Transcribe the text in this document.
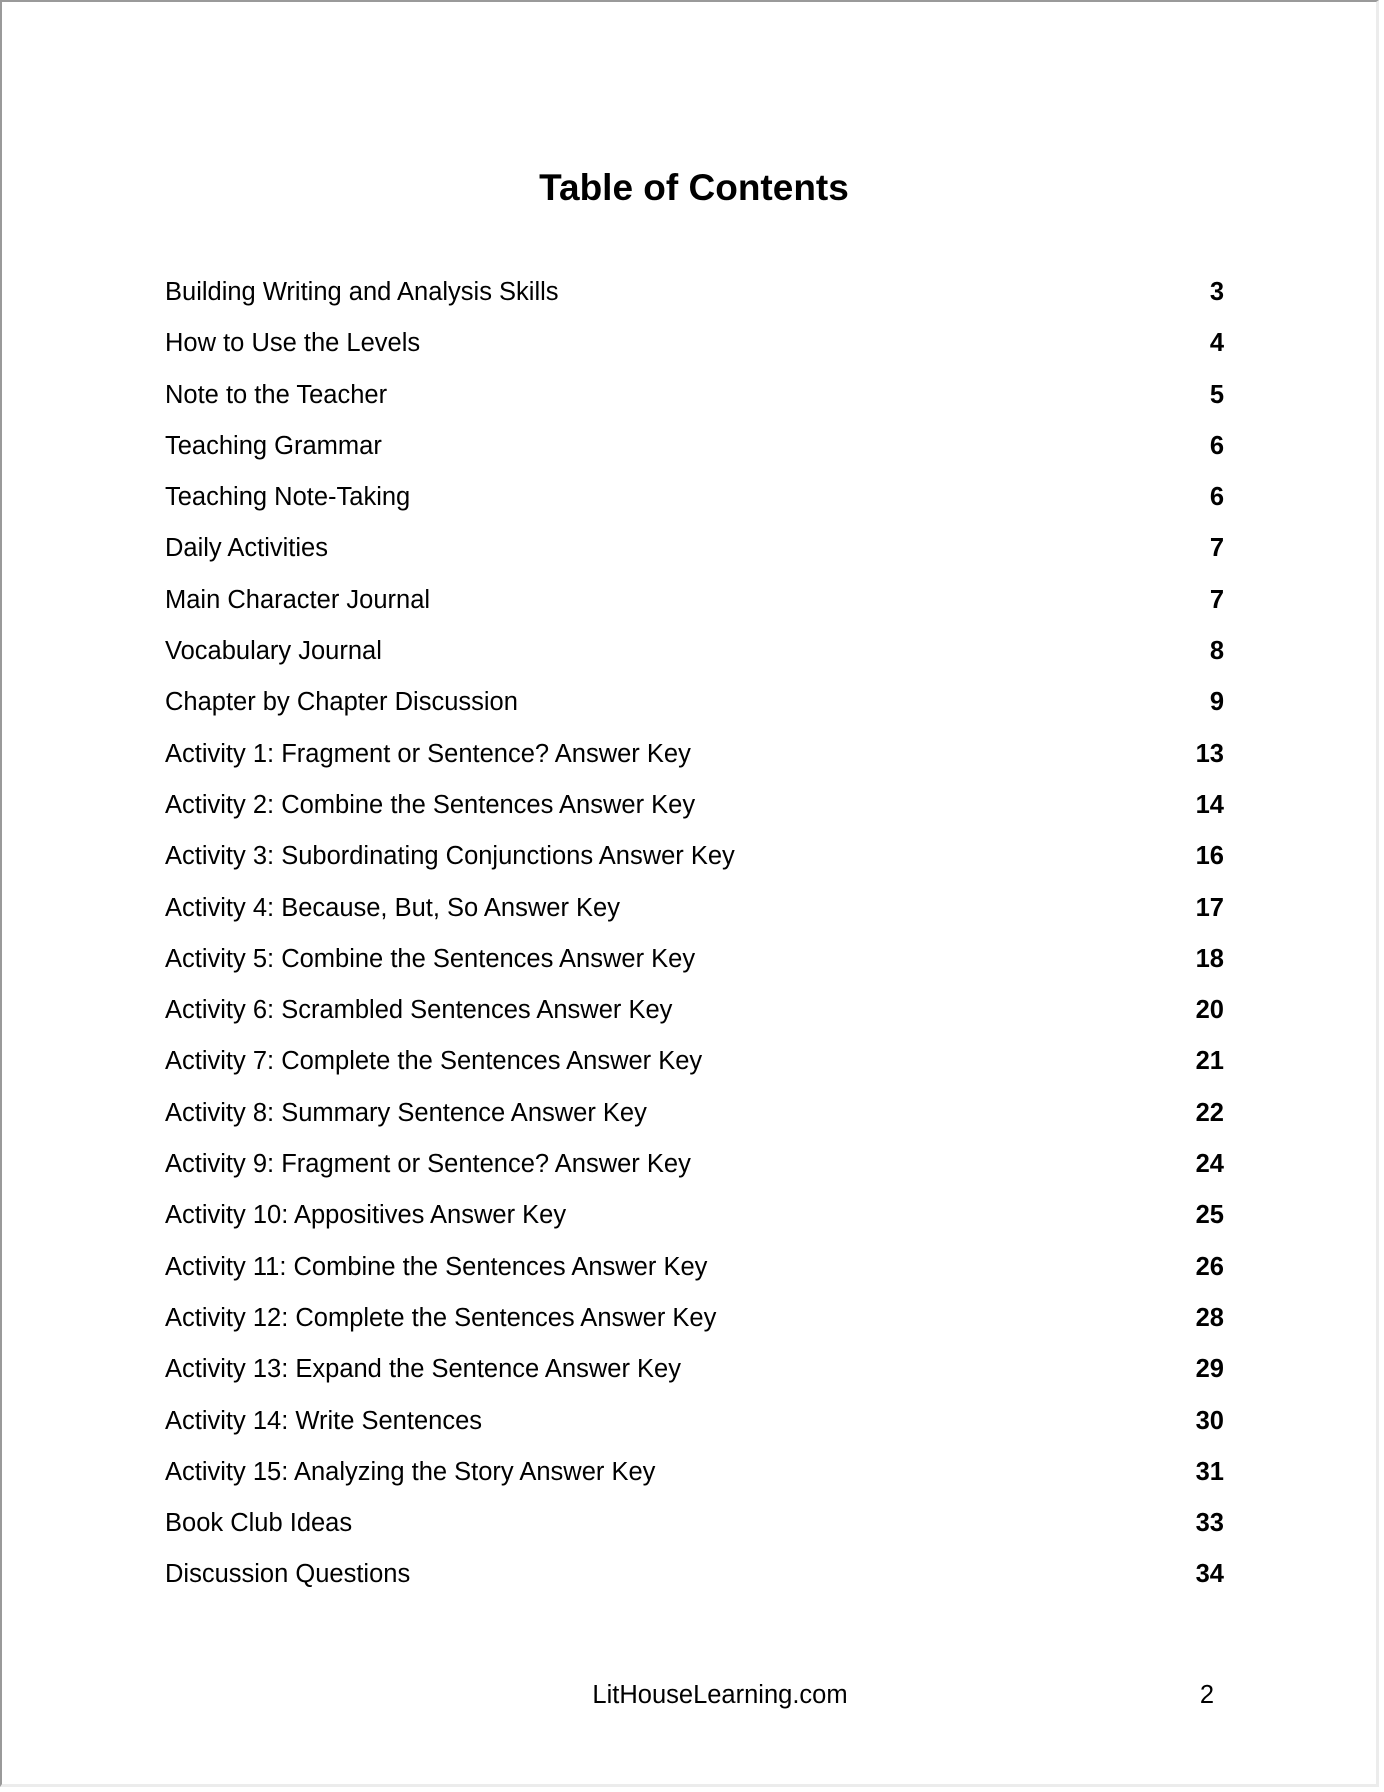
Table of Contents
Building Writing and Analysis Skills	3
How to Use the Levels	4
Note to the Teacher	5
Teaching Grammar	6
Teaching Note-Taking	6
Daily Activities	7
Main Character Journal	7
Vocabulary Journal	8
Chapter by Chapter Discussion	9
Activity 1: Fragment or Sentence? Answer Key	13
Activity 2: Combine the Sentences Answer Key	14
Activity 3: Subordinating Conjunctions Answer Key	16
Activity 4: Because, But, So Answer Key	17
Activity 5: Combine the Sentences Answer Key	18
Activity 6: Scrambled Sentences Answer Key	20
Activity 7: Complete the Sentences Answer Key	21
Activity 8: Summary Sentence Answer Key	22
Activity 9: Fragment or Sentence? Answer Key	24
Activity 10: Appositives Answer Key	25
Activity 11: Combine the Sentences Answer Key	26
Activity 12: Complete the Sentences Answer Key	28
Activity 13: Expand the Sentence Answer Key	29
Activity 14: Write Sentences	30
Activity 15: Analyzing the Story Answer Key	31
Book Club Ideas	33
Discussion Questions	34
LitHouseLearning.com	2
